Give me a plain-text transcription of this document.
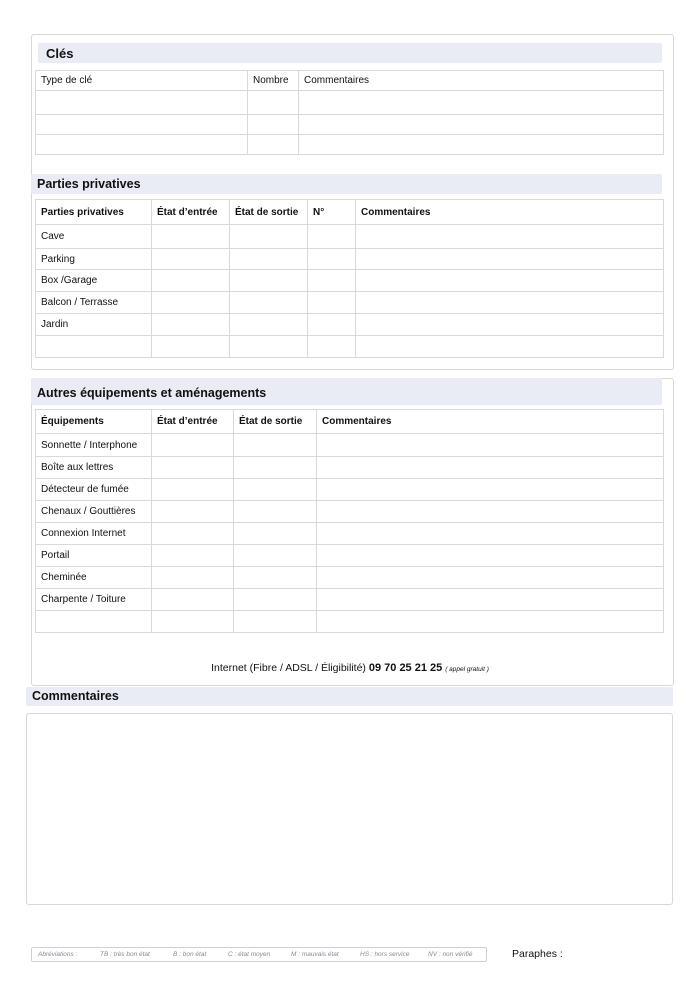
Clés
Type de clé	Nombre	Commentaires

Parties privatives
Parties privatives	État d’entrée	État de sortie	N°	Commentaires
Cave				
Parking				
Box /Garage				
Balcon / Terrasse				
Jardin				

Autres équipements et aménagements
Équipements	État d’entrée	État de sortie	Commentaires
Sonnette / Interphone			
Boîte aux lettres			
Détecteur de fumée			
Chenaux / Gouttières			
Connexion Internet			
Portail			
Cheminée			
Charpente / Toiture			

Internet (Fibre / ADSL / Éligibilité) 09 70 25 21 25 ( appel gratuit )
Commentaires
Abréviations :	TB : très bon état	B : bon état	C : état moyen	M : mauvais état	HS : hors service	NV : non vérifié	Paraphes :
